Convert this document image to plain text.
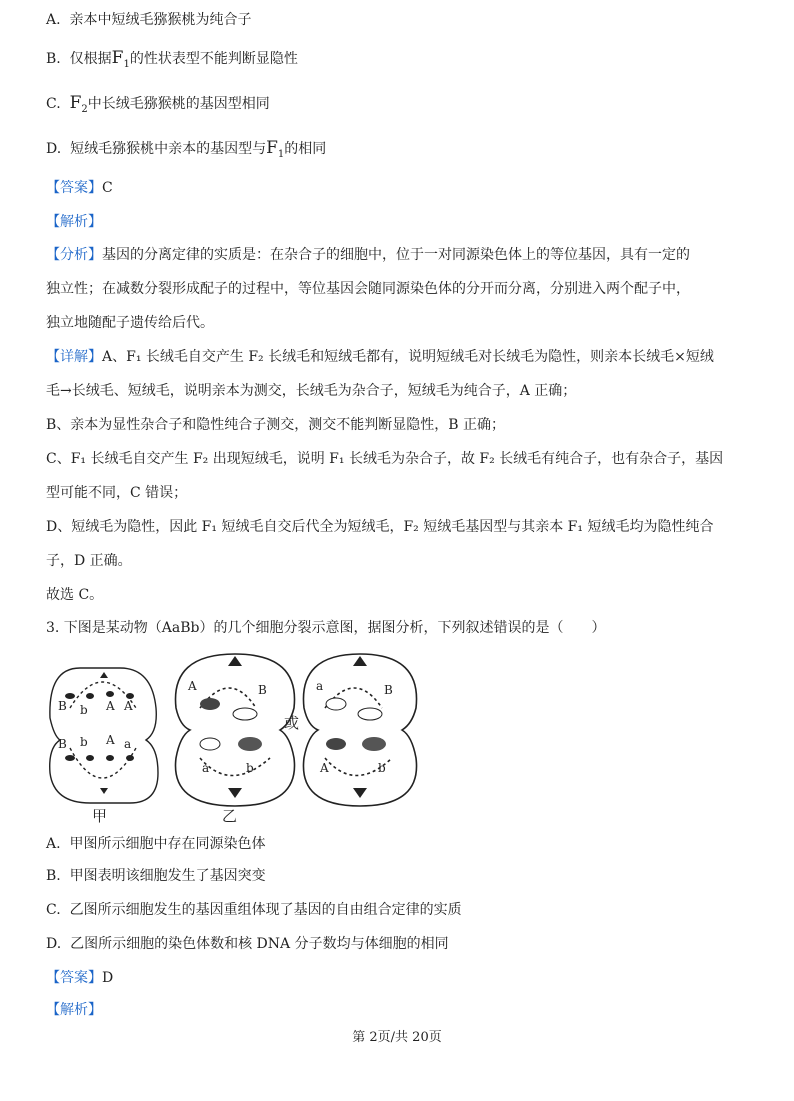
A. 亲本中短绒毛猕猴桃为纯合子
B. 仅根据$F_1$的性状表型不能判断显隐性
C. $F_2$中长绒毛猕猴桃的基因型相同
D. 短绒毛猕猴桃中亲本的基因型与$F_1$的相同
【答案】C
【解析】
【分析】基因的分离定律的实质是：在杂合子的细胞中，位于一对同源染色体上的等位基因，具有一定的
独立性；在减数分裂形成配子的过程中，等位基因会随同源染色体的分开而分离，分别进入两个配子中，
独立地随配子遗传给后代。
【详解】A、F₁ 长绒毛自交产生 F₂ 长绒毛和短绒毛都有，说明短绒毛对长绒毛为隐性，则亲本长绒毛×短绒
毛→长绒毛、短绒毛，说明亲本为测交，长绒毛为杂合子，短绒毛为纯合子，A 正确；
B、亲本为显性杂合子和隐性纯合子测交，测交不能判断显隐性，B 正确；
C、F₁ 长绒毛自交产生 F₂ 出现短绒毛，说明 F₁ 长绒毛为杂合子，故 F₂ 长绒毛有纯合子，也有杂合子，基因
型可能不同，C 错误；
D、短绒毛为隐性，因此 F₁ 短绒毛自交后代全为短绒毛，F₂ 短绒毛基因型与其亲本 F₁ 短绒毛均为隐性纯合
子，D 正确。
故选 C。
3. 下图是某动物（AaBb）的几个细胞分裂示意图，据图分析，下列叙述错误的是（　　）
B b A A
B b A a
甲
A	B
a	b
乙
或
a	B
A	b
A. 甲图所示细胞中存在同源染色体
B. 甲图表明该细胞发生了基因突变
C. 乙图所示细胞发生的基因重组体现了基因的自由组合定律的实质
D. 乙图所示细胞的染色体数和核 DNA 分子数均与体细胞的相同
【答案】D
【解析】
第 2页/共 20页
